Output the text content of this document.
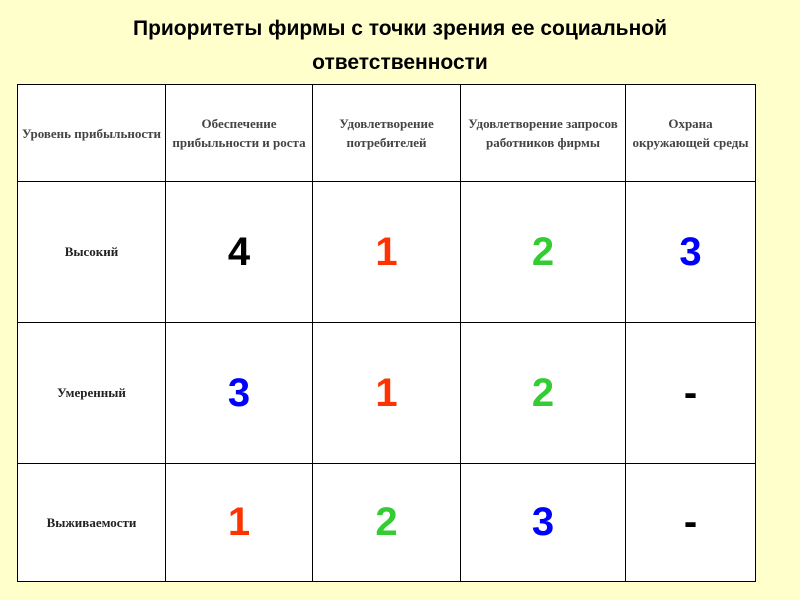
Приоритеты фирмы с точки зрения ее социальной
ответственности
Уровень прибыльности	Обеспечение прибыльности и роста	Удовлетворение потребителей	Удовлетворение запросов работников фирмы	Охрана окружающей среды
Высокий	4	1	2	3
Умеренный	3	1	2	-
Выживаемости	1	2	3	-
